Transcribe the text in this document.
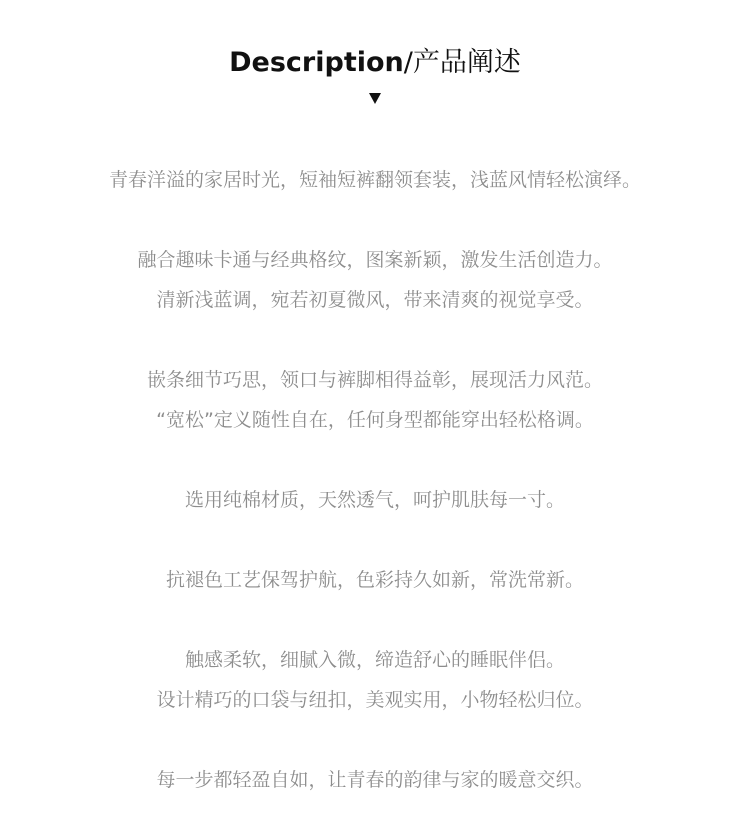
Description/产品阐述
青春洋溢的家居时光，短袖短裤翻领套装，浅蓝风情轻松演绎。
融合趣味卡通与经典格纹，图案新颖，激发生活创造力。
清新浅蓝调，宛若初夏微风，带来清爽的视觉享受。
嵌条细节巧思，领口与裤脚相得益彰，展现活力风范。
“宽松”定义随性自在，任何身型都能穿出轻松格调。
选用纯棉材质，天然透气，呵护肌肤每一寸。
抗褪色工艺保驾护航，色彩持久如新，常洗常新。
触感柔软，细腻入微，缔造舒心的睡眠伴侣。
设计精巧的口袋与纽扣，美观实用，小物轻松归位。
每一步都轻盈自如，让青春的韵律与家的暖意交织。
